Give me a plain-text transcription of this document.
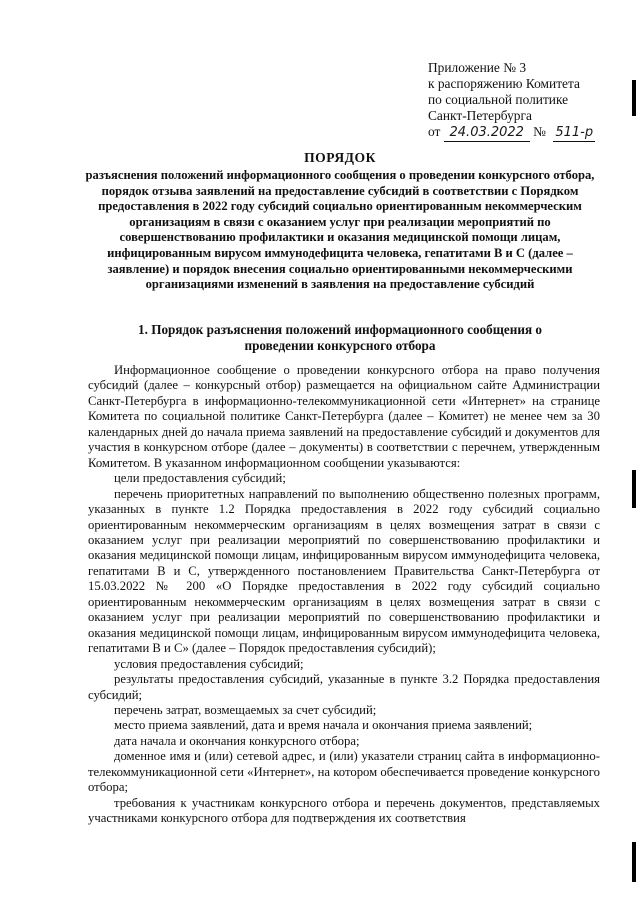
Приложение № 3
к распоряжению Комитета
по социальной политике
Санкт-Петербурга
от 24.03.2022 № 511-р
ПОРЯДОК
разъяснения положений информационного сообщения о проведении конкурсного отбора, порядок отзыва заявлений на предоставление субсидий в соответствии с Порядком предоставления в 2022 году субсидий социально ориентированным некоммерческим организациям в связи с оказанием услуг при реализации мероприятий по совершенствованию профилактики и оказания медицинской помощи лицам, инфицированным вирусом иммунодефицита человека, гепатитами В и С (далее – заявление) и порядок внесения социально ориентированными некоммерческими организациями изменений в заявления на предоставление субсидий
1. Порядок разъяснения положений информационного сообщения о проведении конкурсного отбора

Информационное сообщение о проведении конкурсного отбора на право получения субсидий (далее – конкурсный отбор) размещается на официальном сайте Администрации Санкт-Петербурга в информационно-телекоммуникационной сети «Интернет» на странице Комитета по социальной политике Санкт-Петербурга (далее – Комитет) не менее чем за 30 календарных дней до начала приема заявлений на предоставление субсидий и документов для участия в конкурсном отборе (далее – документы) в соответствии с перечнем, утвержденным Комитетом. В указанном информационном сообщении указываются:

цели предоставления субсидий;

перечень приоритетных направлений по выполнению общественно полезных программ, указанных в пункте 1.2 Порядка предоставления в 2022 году субсидий социально ориентированным некоммерческим организациям в целях возмещения затрат в связи с оказанием услуг при реализации мероприятий по совершенствованию профилактики и оказания медицинской помощи лицам, инфицированным вирусом иммунодефицита человека, гепатитами В и С, утвержденного постановлением Правительства Санкт-Петербурга от 15.03.2022 № 200 «О Порядке предоставления в 2022 году субсидий социально ориентированным некоммерческим организациям в целях возмещения затрат в связи с оказанием услуг при реализации мероприятий по совершенствованию профилактики и оказания медицинской помощи лицам, инфицированным вирусом иммунодефицита человека, гепатитами В и С» (далее – Порядок предоставления субсидий);

условия предоставления субсидий;

результаты предоставления субсидий, указанные в пункте 3.2 Порядка предоставления субсидий;

перечень затрат, возмещаемых за счет субсидий;

место приема заявлений, дата и время начала и окончания приема заявлений;

дата начала и окончания конкурсного отбора;

доменное имя и (или) сетевой адрес, и (или) указатели страниц сайта в информационно-телекоммуникационной сети «Интернет», на котором обеспечивается проведение конкурсного отбора;

требования к участникам конкурсного отбора и перечень документов, представляемых участниками конкурсного отбора для подтверждения их соответствия
